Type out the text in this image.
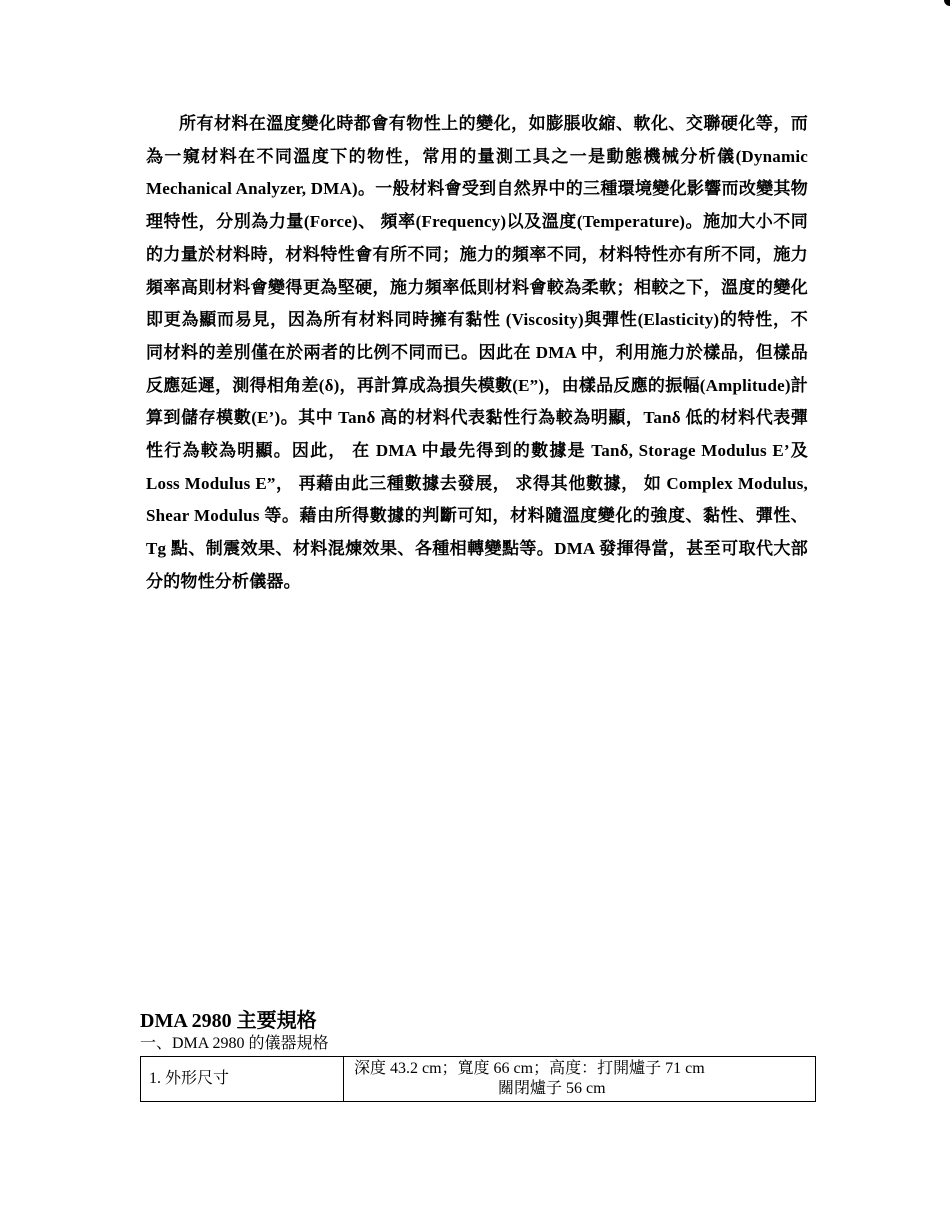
所有材料在溫度變化時都會有物性上的變化，如膨脹收縮、軟化、交聯硬化等，而為一窺材料在不同溫度下的物性，常用的量測工具之一是動態機械分析儀(Dynamic Mechanical Analyzer, DMA)。一般材料會受到自然界中的三種環境變化影響而改變其物理特性，分別為力量(Force)、 頻率(Frequency)以及溫度(Temperature)。施加大小不同的力量於材料時，材料特性會有所不同；施力的頻率不同，材料特性亦有所不同，施力頻率高則材料會變得更為堅硬，施力頻率低則材料會較為柔軟；相較之下，溫度的變化即更為顯而易見，因為所有材料同時擁有黏性 (Viscosity)與彈性(Elasticity)的特性，不同材料的差別僅在於兩者的比例不同而已。因此在 DMA 中，利用施力於樣品，但樣品反應延遲，測得相角差(δ)，再計算成為損失模數(E”)，由樣品反應的振幅(Amplitude)計算到儲存模數(E’)。其中 Tanδ 高的材料代表黏性行為較為明顯，Tanδ 低的材料代表彈性行為較為明顯。因此， 在 DMA 中最先得到的數據是 Tanδ, Storage Modulus E’及 Loss Modulus E”， 再藉由此三種數據去發展， 求得其他數據， 如 Complex Modulus, Shear Modulus 等。藉由所得數據的判斷可知，材料隨溫度變化的強度、黏性、彈性、Tg 點、制震效果、材料混煉效果、各種相轉變點等。DMA 發揮得當，甚至可取代大部分的物性分析儀器。

DMA 2980 主要規格
一、DMA 2980 的儀器規格
1. 外形尺寸	深度 43.2 cm；寬度 66 cm；高度：打開爐子 71 cm
關閉爐子 56 cm
